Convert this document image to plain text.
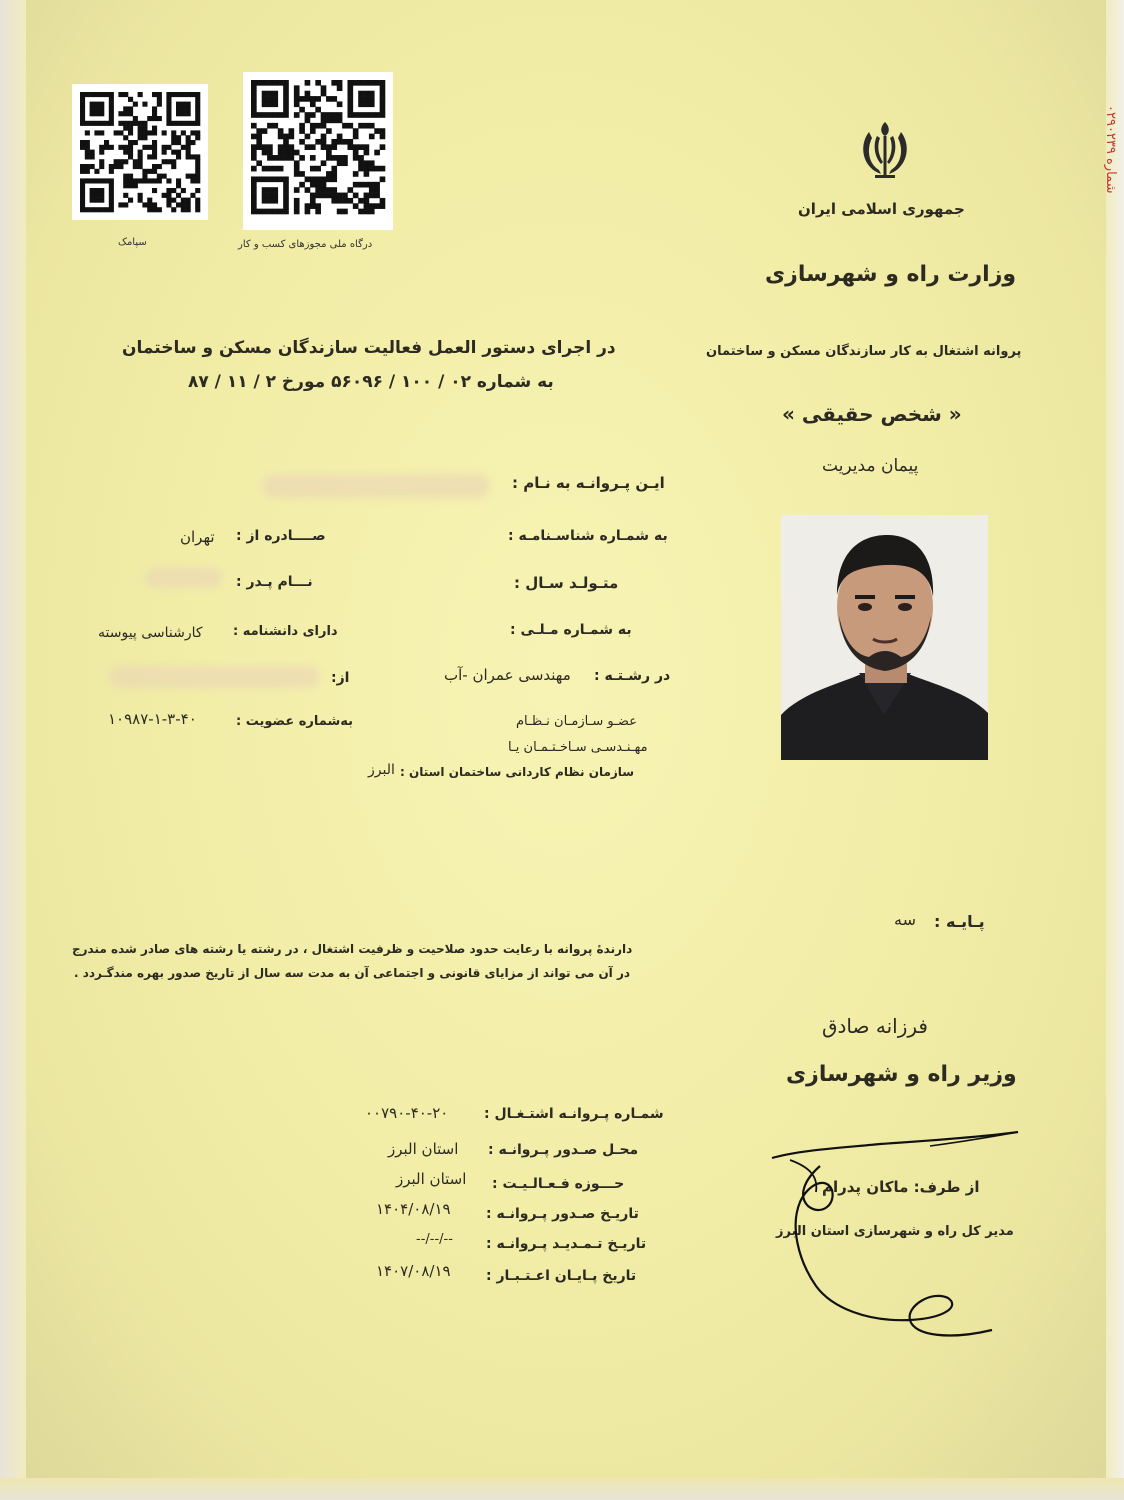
شماره ۰۲۹۰۲۳۹
سپامک	درگاه ملی مجوزهای کسب و کار
جمهوری اسلامی ایران
وزارت راه و شهرسازی
پروانه اشتغال به کار سازندگان مسکن و ساختمان
« شخص حقیقی »
پیمان مدیریت
در اجرای دستور العمل فعالیت سازندگان مسکن و ساختمان
به شماره ۰۲ / ۱۰۰ / ۵۶۰۹۶ مورخ ۲ / ۱۱ / ۸۷
ایـن پـروانـه به نـام :
به شمـاره شناسـنامـه :
صــــادره از :
تهران
متـولـد سـال :
نـــام پـدر :
به شمـاره مـلـی :
دارای دانشنامه :
کارشناسی پیوسته
در رشـتـه :
مهندسی عمران -آب
از:
عضـو سـازمـان نـظـام
مهـنـدسـی سـاخـتـمـان یـا
سازمان نظام کاردانی ساختمان استان :
البرز
به‌شماره عضویت :
۱۰۹۸۷-۱-۳-۴۰
پـایـه :
سه
دارندۀ پروانه با رعایت حدود صلاحیت و ظرفیت اشتغال ، در رشته یا رشته های صادر شده مندرج
در آن می تواند از مزایای قانونی و اجتماعی آن به مدت سه سال از تاریخ صدور بهره مندگـردد .
فرزانه صادق
وزیر راه و شهرسازی
شمـاره پـروانـه اشتـغـال :
۰۰۷۹۰-۴۰-۲۰
محـل صـدور پـروانـه :
استان البرز
حـــوزه فـعـالـیـت :
استان البرز
تاریـخ صـدور پـروانـه :
۱۴۰۴/۰۸/۱۹
تاریـخ تـمـدیـد پـروانـه :
--/--/--
تاریخ پـایـان اعـتـبـار :
۱۴۰۷/۰۸/۱۹
از طرف: ماکان پدرام
مدیر کل راه و شهرسازی استان البرز
